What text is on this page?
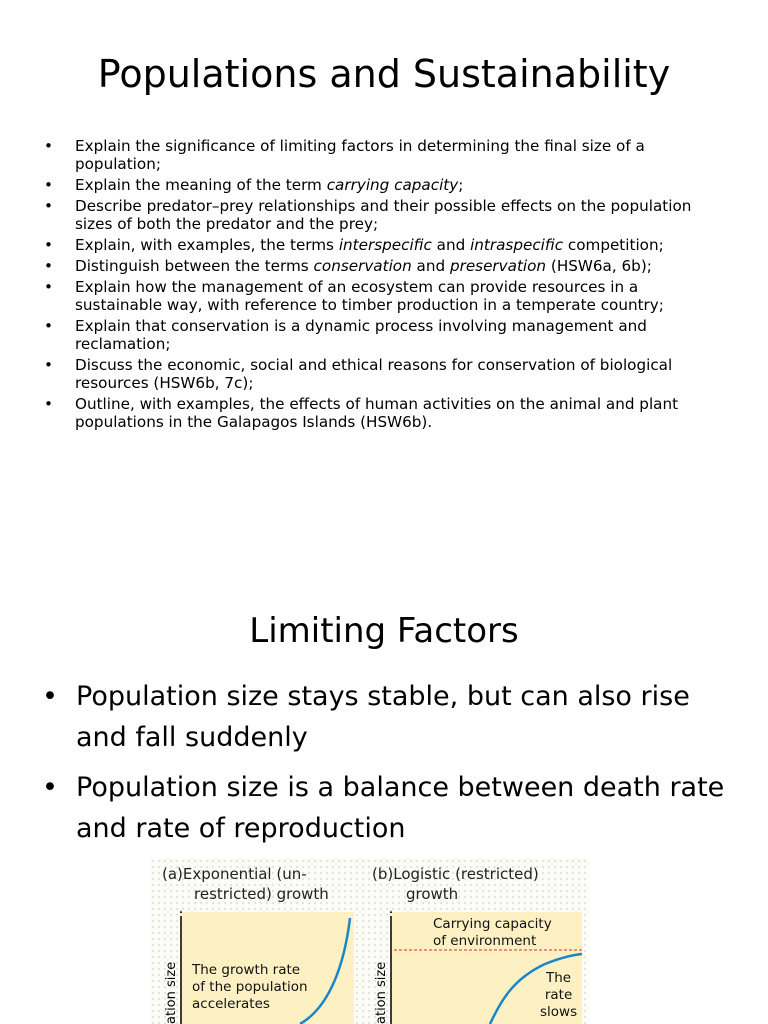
Populations and Sustainability
• Explain the significance of limiting factors in determining the final size of a population;
• Explain the meaning of the term carrying capacity;
• Describe predator–prey relationships and their possible effects on the population sizes of both the predator and the prey;
• Explain, with examples, the terms interspecific and intraspecific competition;
• Distinguish between the terms conservation and preservation (HSW6a, 6b);
• Explain how the management of an ecosystem can provide resources in a sustainable way, with reference to timber production in a temperate country;
• Explain that conservation is a dynamic process involving management and reclamation;
• Discuss the economic, social and ethical reasons for conservation of biological resources (HSW6b, 7c);
• Outline, with examples, the effects of human activities on the animal and plant populations in the Galapagos Islands (HSW6b).
Limiting Factors
• Population size stays stable, but can also rise and fall suddenly
• Population size is a balance between death rate and rate of reproduction
(a)Exponential (un-
restricted) growth
(b)Logistic (restricted)
growth
ation size	ation size
The growth rate
of the population
accelerates
Carrying capacity
of environment
The
rate
slows
